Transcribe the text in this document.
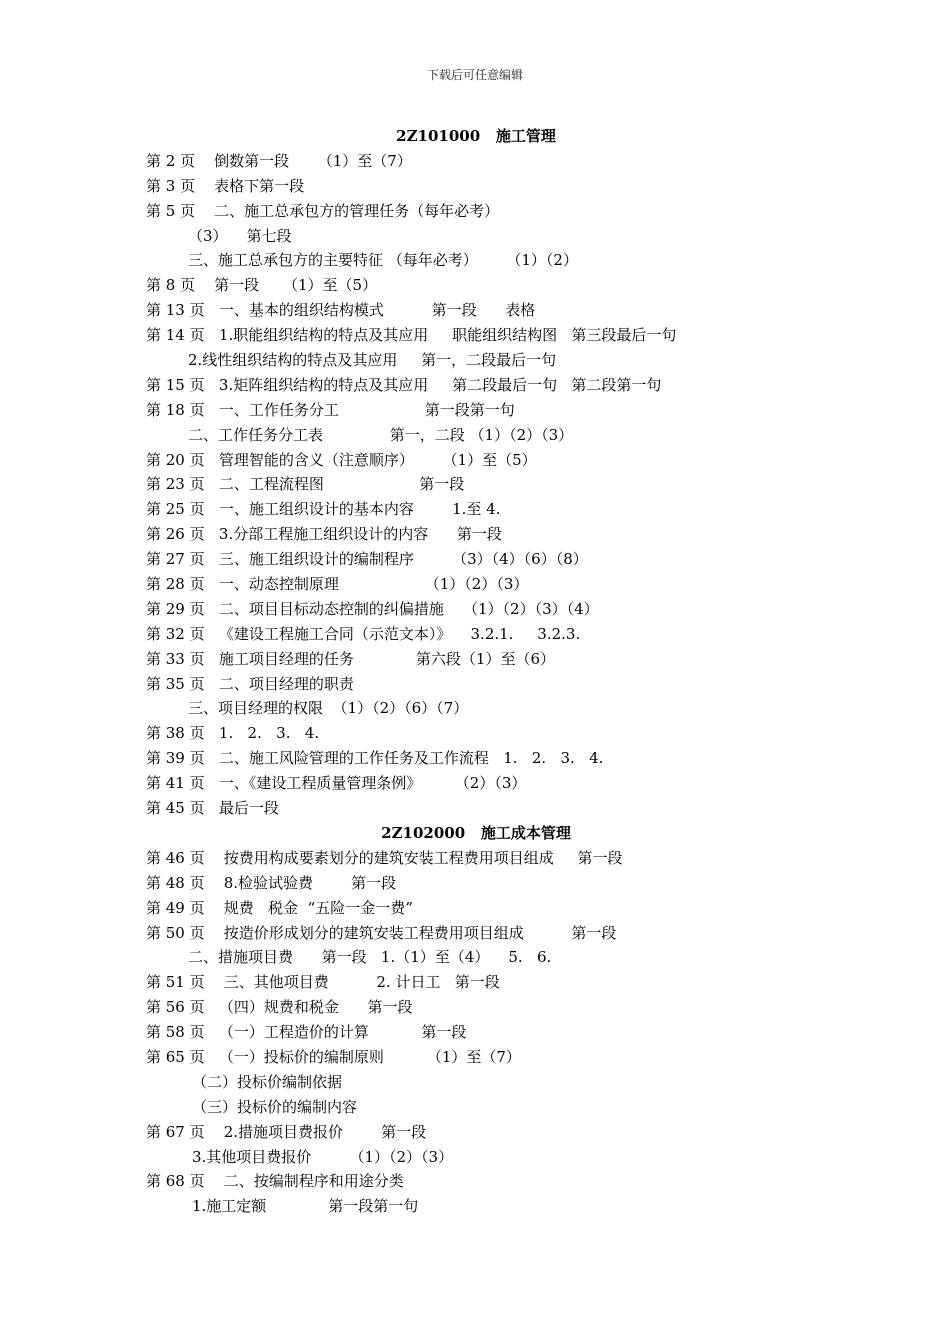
下载后可任意编辑
2Z101000   施工管理
第 2 页    倒数第一段      （1）至（7）
第 3 页    表格下第一段
第 5 页    二、施工总承包方的管理任务（每年必考）
（3）    第七段
三、施工总承包方的主要特征 （每年必考）      （1）（2）
第 8 页    第一段     （1）至（5）
第 13 页   一、基本的组织结构模式          第一段      表格
第 14 页   1.职能组织结构的特点及其应用     职能组织结构图   第三段最后一句
2.线性组织结构的特点及其应用     第一，二段最后一句
第 15 页   3.矩阵组织结构的特点及其应用     第二段最后一句   第二段第一句
第 18 页   一、工作任务分工                  第一段第一句
二、工作任务分工表              第一，二段 （1）（2）（3）
第 20 页   管理智能的含义（注意顺序）      （1）至（5）
第 23 页   二、工程流程图                    第一段
第 25 页   一、施工组织设计的基本内容        1.至 4.
第 26 页   3.分部工程施工组织设计的内容      第一段
第 27 页   三、施工组织设计的编制程序        （3）（4）（6）（8）
第 28 页   一、动态控制原理                  （1）（2）（3）
第 29 页   二、项目目标动态控制的纠偏措施    （1）（2）（3）（4）
第 32 页   《建设工程施工合同（示范文本）》    3.2.1.     3.2.3.
第 33 页   施工项目经理的任务             第六段（1）至（6）
第 35 页   二、项目经理的职责
三、项目经理的权限  （1）（2）（6）（7）
第 38 页   1.   2.   3.   4.
第 39 页   二、施工风险管理的工作任务及工作流程   1.   2.   3.   4.
第 41 页   一、《建设工程质量管理条例》       （2）（3）
第 45 页   最后一段
2Z102000   施工成本管理
第 46 页    按费用构成要素划分的建筑安装工程费用项目组成     第一段
第 48 页    8.检验试验费        第一段
第 49 页    规费   税金  “五险一金一费”
第 50 页    按造价形成划分的建筑安装工程费用项目组成          第一段
二、措施项目费      第一段   1.（1）至（4）    5.   6.
第 51 页    三、其他项目费          2. 计日工   第一段
第 56 页   （四）规费和税金      第一段
第 58 页   （一）工程造价的计算           第一段
第 65 页   （一）投标价的编制原则         （1）至（7）
（二）投标价编制依据
（三）投标价的编制内容
第 67 页    2.措施项目费报价        第一段
3.其他项目费报价        （1）（2）（3）
第 68 页    二、按编制程序和用途分类
1.施工定额             第一段第一句
